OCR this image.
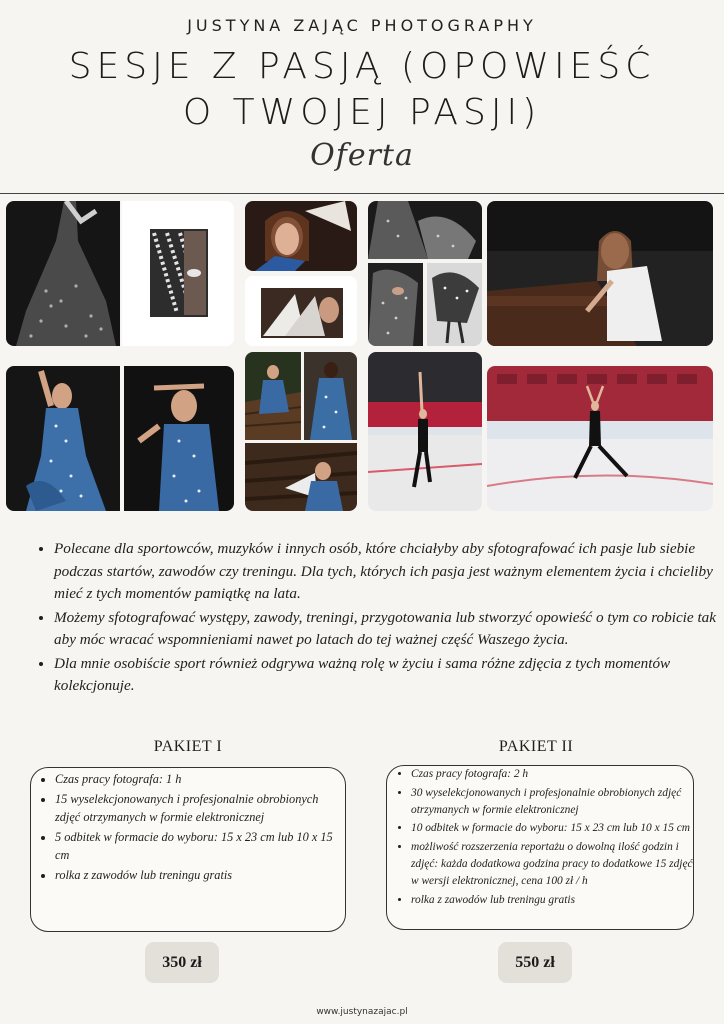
JUSTYNA ZAJĄC PHOTOGRAPHY
SESJE Z PASJĄ (OPOWIEŚĆ
O TWOJEJ PASJI)
Oferta
• Polecane dla sportowców, muzyków i innych osób, które chciałyby aby sfotografować ich pasje lub siebie podczas startów, zawodów czy treningu. Dla tych, których ich pasja jest ważnym elementem życia i chcieliby mieć z tych momentów pamiątkę na lata.
• Możemy sfotografować występy, zawody, treningi, przygotowania lub stworzyć opowieść o tym co robicie tak aby móc wracać wspomnieniami nawet po latach do tej ważnej część Waszego życia.
• Dla mnie osobiście sport również odgrywa ważną rolę w życiu i sama różne zdjęcia z tych momentów kolekcjonuje.
PAKIET I
• Czas pracy fotografa: 1 h
• 15 wyselekcjonowanych i profesjonalnie obrobionych zdjęć otrzymanych w formie elektronicznej
• 5 odbitek w formacie do wyboru: 15 x 23 cm lub 10 x 15 cm
• rolka z zawodów lub treningu gratis
350 zł
PAKIET II
• Czas pracy fotografa: 2 h
• 30 wyselekcjonowanych i profesjonalnie obrobionych zdjęć otrzymanych w formie elektronicznej
• 10 odbitek w formacie do wyboru: 15 x 23 cm lub 10 x 15 cm
• możliwość rozszerzenia reportażu o dowolną ilość godzin i zdjęć: każda dodatkowa godzina pracy to dodatkowe 15 zdjęć w wersji elektronicznej, cena 100 zł / h
• rolka z zawodów lub treningu gratis
550 zł
www.justynazajac.pl
